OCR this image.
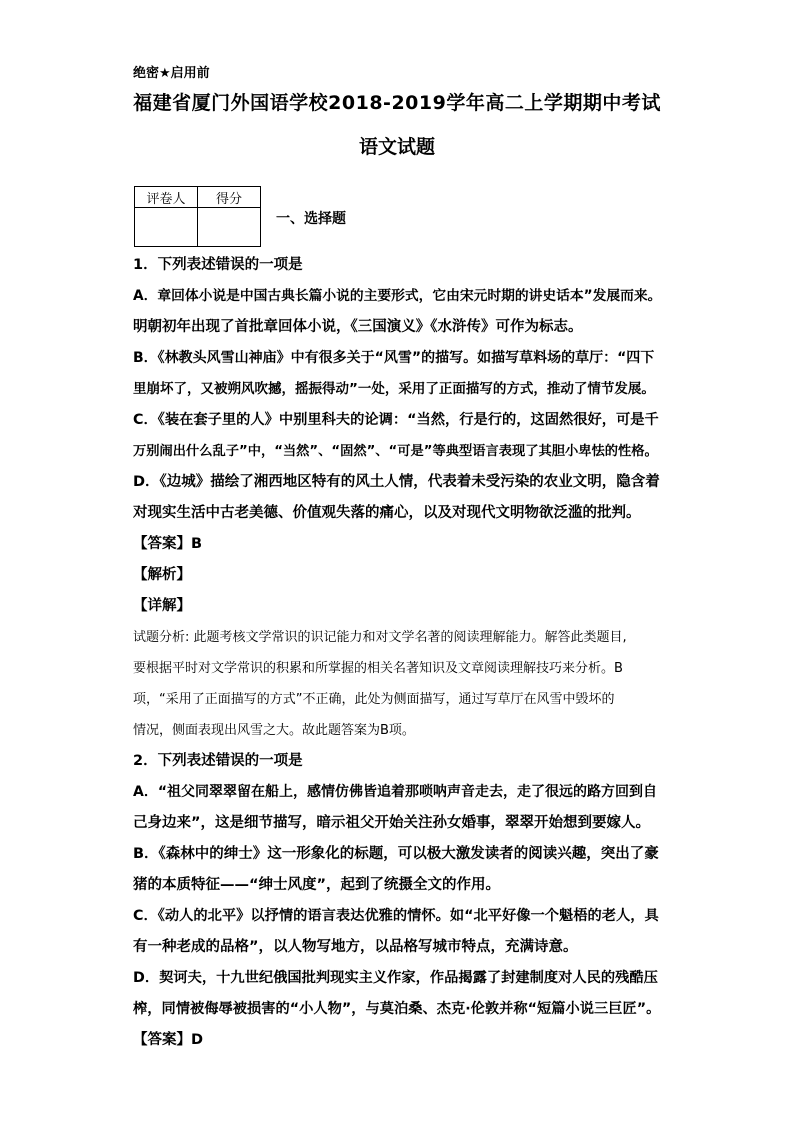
绝密★启用前
福建省厦门外国语学校2018-2019学年高二上学期期中考试
语文试题
评卷人	得分

一、选择题
1．下列表述错误的一项是
A．章回体小说是中国古典长篇小说的主要形式，它由宋元时期的讲史话本”发展而来。
明朝初年出现了首批章回体小说，《三国演义》《水浒传》可作为标志。
B．《林教头风雪山神庙》中有很多关于“风雪”的描写。如描写草料场的草厅：“四下
里崩坏了，又被朔风吹撼，摇振得动”一处，采用了正面描写的方式，推动了情节发展。
C．《装在套子里的人》中别里科夫的论调：“当然，行是行的，这固然很好，可是千
万别闹出什么乱子”中，“当然”、“固然”、“可是”等典型语言表现了其胆小卑怯的性格。
D．《边城》描绘了湘西地区特有的风土人情，代表着未受污染的农业文明，隐含着
对现实生活中古老美德、价值观失落的痛心，以及对现代文明物欲泛滥的批判。
【答案】B
【解析】
【详解】
试题分析: 此题考核文学常识的识记能力和对文学名著的阅读理解能力。解答此类题目,
要根据平时对文学常识的积累和所掌握的相关名著知识及文章阅读理解技巧来分析。B
项，“采用了正面描写的方式”不正确，此处为侧面描写，通过写草厅在风雪中毁坏的
情况，侧面表现出风雪之大。故此题答案为B项。
2．下列表述错误的一项是
A．“祖父同翠翠留在船上，感情仿佛皆追着那唢呐声音走去，走了很远的路方回到自
己身边来”，这是细节描写，暗示祖父开始关注孙女婚事，翠翠开始想到要嫁人。
B．《森林中的绅士》这一形象化的标题，可以极大激发读者的阅读兴趣，突出了豪
猪的本质特征——“绅士风度”，起到了统摄全文的作用。
C．《动人的北平》以抒情的语言表达优雅的情怀。如“北平好像一个魁梧的老人，具
有一种老成的品格”，以人物写地方，以品格写城市特点，充满诗意。
D．契诃夫，十九世纪俄国批判现实主义作家，作品揭露了封建制度对人民的残酷压
榨，同情被侮辱被损害的“小人物”，与莫泊桑、杰克·伦敦并称“短篇小说三巨匠”。
【答案】D
